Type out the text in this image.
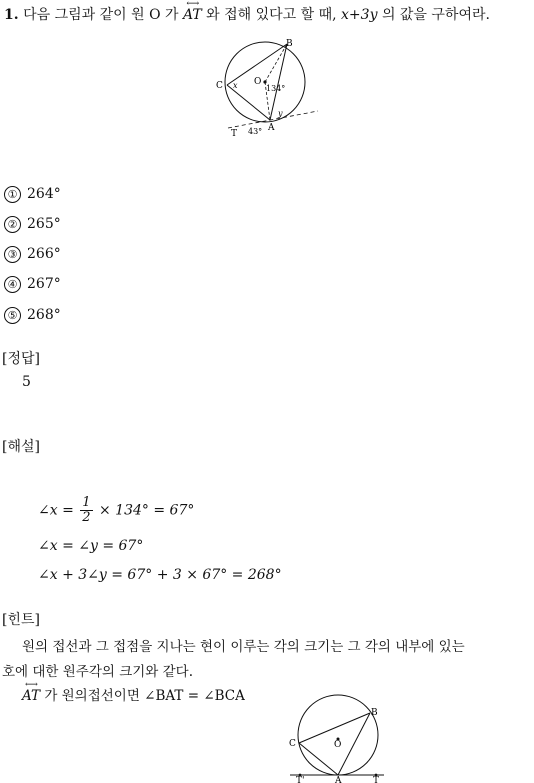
1. 다음 그림과 같이 원 O 가
⟷
AT 와 접해 있다고 할 때, x+3y 의 값을 구하여라.
B
C	O
A
T
x
y
134°
43°
① 264°
② 265°
③ 266°
④ 267°
⑤ 268°
[정답]
5
[해설]
∠x = $\frac{1}{2} \times 134^\circ = 67^\circ$
∠x = ∠y = 67°
∠x + 3∠y = 67° + 3 × 67° = 268°
[힌트]
원의 접선과 그 접점을 지나는 현이 이루는 각의 크기는 그 각의 내부에 있는
호에 대한 원주각의 크기와 같다.
⟷
AT 가 원의접선이면 ∠BAT = ∠BCA
B
C	O
A
T'	T
